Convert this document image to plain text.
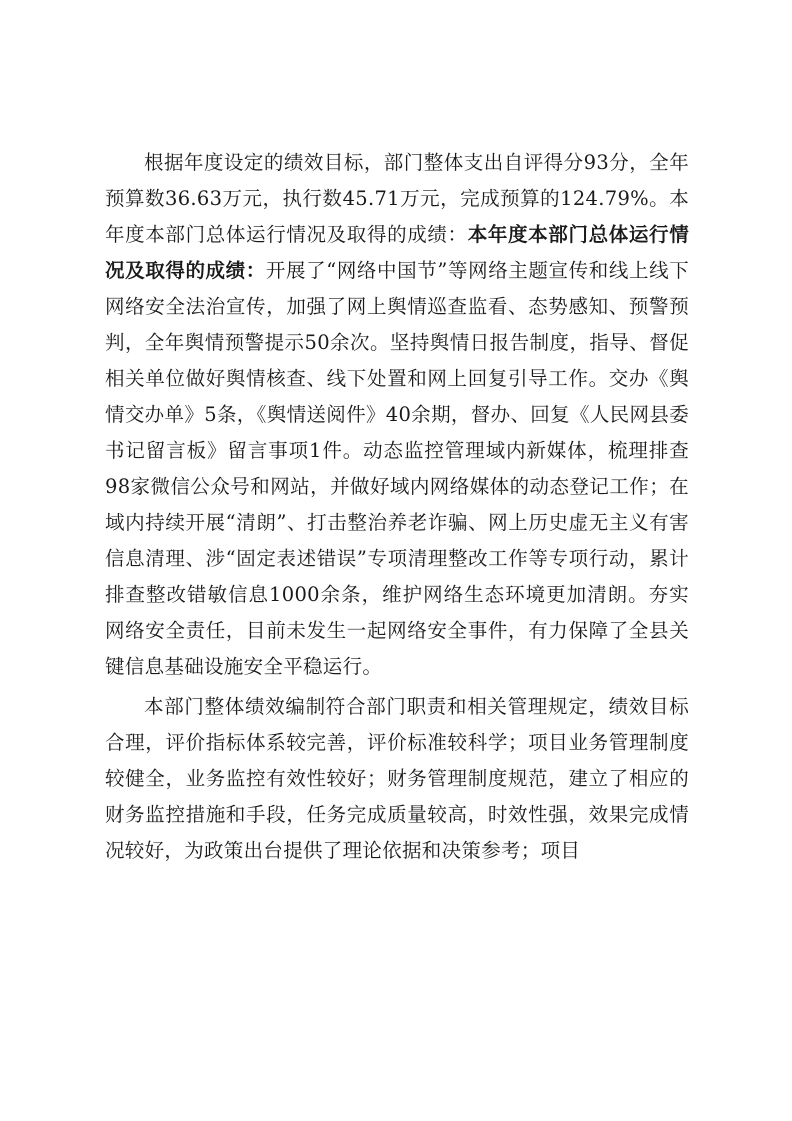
根据年度设定的绩效目标，部门整体支出自评得分93分，全年预算数36.63万元，执行数45.71万元，完成预算的124.79%。本年度本部门总体运行情况及取得的成绩：本年度本部门总体运行情况及取得的成绩：开展了“网络中国节”等网络主题宣传和线上线下网络安全法治宣传，加强了网上舆情巡查监看、态势感知、预警预判，全年舆情预警提示50余次。坚持舆情日报告制度，指导、督促相关单位做好舆情核查、线下处置和网上回复引导工作。交办《舆情交办单》5条，《舆情送阅件》40余期，督办、回复《人民网县委书记留言板》留言事项1件。动态监控管理域内新媒体，梳理排查98家微信公众号和网站，并做好域内网络媒体的动态登记工作；在域内持续开展“清朗”、打击整治养老诈骗、网上历史虚无主义有害信息清理、涉“固定表述错误”专项清理整改工作等专项行动，累计排查整改错敏信息1000余条，维护网络生态环境更加清朗。夯实网络安全责任，目前未发生一起网络安全事件，有力保障了全县关键信息基础设施安全平稳运行。

本部门整体绩效编制符合部门职责和相关管理规定，绩效目标合理，评价指标体系较完善，评价标准较科学；项目业务管理制度较健全，业务监控有效性较好；财务管理制度规范，建立了相应的财务监控措施和手段，任务完成质量较高，时效性强，效果完成情况较好，为政策出台提供了理论依据和决策参考；项目
